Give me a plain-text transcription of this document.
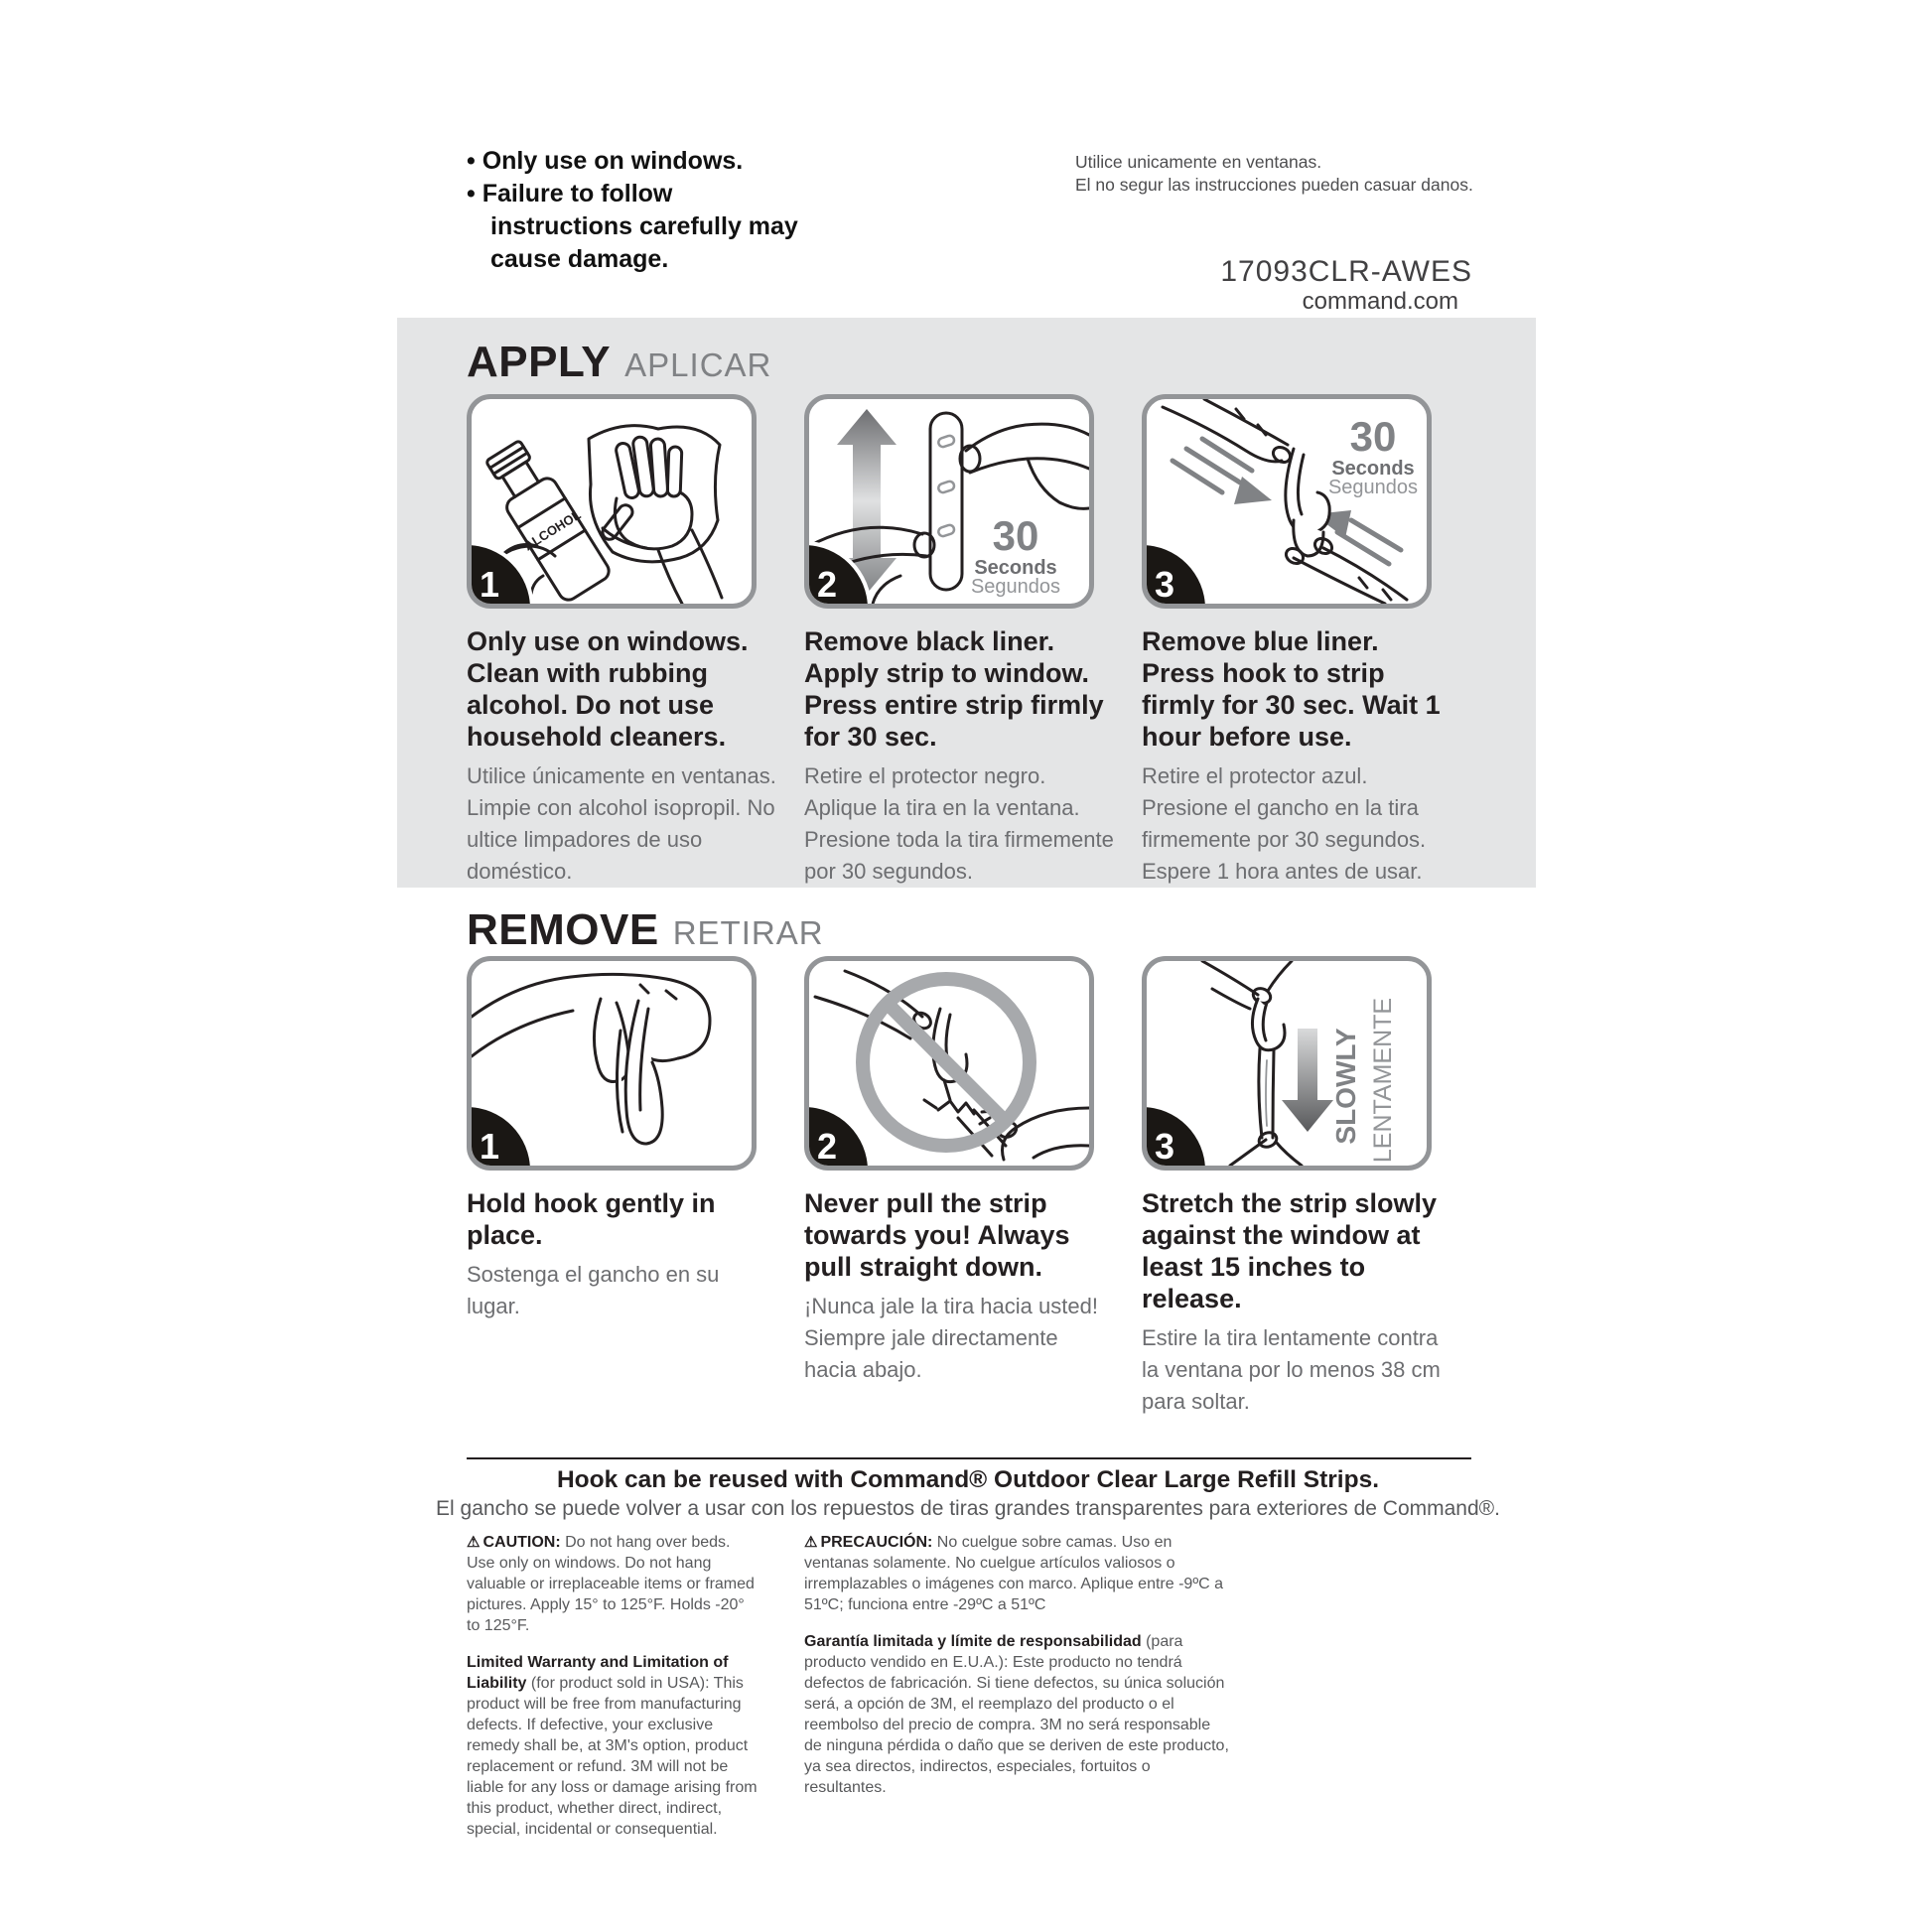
• Only use on windows.
• Failure to follow instructions carefully may cause damage.
Utilice unicamente en ventanas.
El no segur las instrucciones pueden casuar danos.
17093CLR-AWES
command.com
APPLY APLICAR
ALCOHOL
1
30
Seconds
Segundos
2
30
Seconds
Segundos
3
Only use on windows. Clean with rubbing alcohol. Do not use household cleaners.

Utilice únicamente en ventanas. Limpie con alcohol isopropil. No ultice limpadores de uso doméstico.

Remove black liner. Apply strip to window. Press entire strip firmly for 30 sec.

Retire el protector negro. Aplique la tira en la ventana. Presione toda la tira firmemente por 30 segundos.

Remove blue liner. Press hook to strip firmly for 30 sec. Wait 1 hour before use.

Retire el protector azul. Presione el gancho en la tira firmemente por 30 segundos. Espere 1 hora antes de usar.

REMOVE RETIRAR
1	2
SLOWLY LENTAMENTE
3
Hold hook gently in place.

Sostenga el gancho en su lugar.

Never pull the strip towards you! Always pull straight down.

¡Nunca jale la tira hacia usted! Siempre jale directamente hacia abajo.

Stretch the strip slowly against the window at least 15 inches to release.

Estire la tira lentamente contra la ventana por lo menos 38 cm para soltar.

Hook can be reused with Command® Outdoor Clear Large Refill Strips.
El gancho se puede volver a usar con los repuestos de tiras grandes transparentes para exteriores de Command®.

⚠ CAUTION: Do not hang over beds. Use only on windows. Do not hang valuable or irreplaceable items or framed pictures. Apply 15° to 125°F. Holds -20° to 125°F.

Limited Warranty and Limitation of Liability (for product sold in USA): This product will be free from manufacturing defects. If defective, your exclusive remedy shall be, at 3M's option, product replacement or refund. 3M will not be liable for any loss or damage arising from this product, whether direct, indirect, special, incidental or consequential.

⚠ PRECAUCIÓN: No cuelgue sobre camas. Uso en ventanas solamente. No cuelgue artículos valiosos o irremplazables o imágenes con marco. Aplique entre -9ºC a 51ºC; funciona entre -29ºC a 51ºC

Garantía limitada y límite de responsabilidad (para producto vendido en E.U.A.): Este producto no tendrá defectos de fabricación. Si tiene defectos, su única solución será, a opción de 3M, el reemplazo del producto o el reembolso del precio de compra. 3M no será responsable de ninguna pérdida o daño que se deriven de este producto, ya sea directos, indirectos, especiales, fortuitos o resultantes.
